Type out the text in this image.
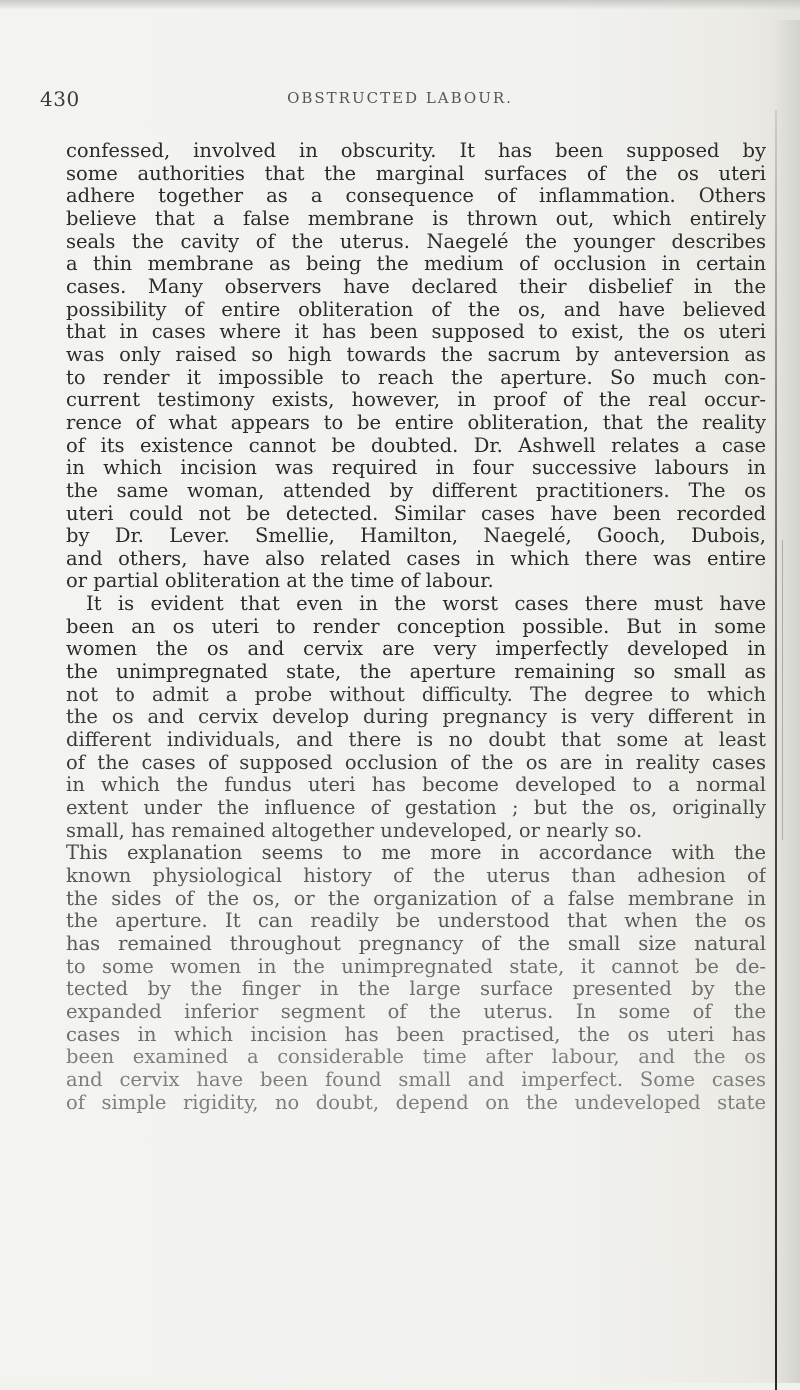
430	OBSTRUCTED LABOUR.
confessed, involved in obscurity. It has been supposed by
some authorities that the marginal surfaces of the os uteri
adhere together as a consequence of inflammation. Others
believe that a false membrane is thrown out, which entirely
seals the cavity of the uterus. Naegelé the younger describes
a thin membrane as being the medium of occlusion in certain
cases. Many observers have declared their disbelief in the
possibility of entire obliteration of the os, and have believed
that in cases where it has been supposed to exist, the os uteri
was only raised so high towards the sacrum by anteversion as
to render it impossible to reach the aperture. So much con-
current testimony exists, however, in proof of the real occur-
rence of what appears to be entire obliteration, that the reality
of its existence cannot be doubted. Dr. Ashwell relates a case
in which incision was required in four successive labours in
the same woman, attended by different practitioners. The os
uteri could not be detected. Similar cases have been recorded
by Dr. Lever. Smellie, Hamilton, Naegelé, Gooch, Dubois,
and others, have also related cases in which there was entire
or partial obliteration at the time of labour.
It is evident that even in the worst cases there must have
been an os uteri to render conception possible. But in some
women the os and cervix are very imperfectly developed in
the unimpregnated state, the aperture remaining so small as
not to admit a probe without difficulty. The degree to which
the os and cervix develop during pregnancy is very different in
different individuals, and there is no doubt that some at least
of the cases of supposed occlusion of the os are in reality cases
in which the fundus uteri has become developed to a normal
extent under the influence of gestation ; but the os, originally
small, has remained altogether undeveloped, or nearly so.
This explanation seems to me more in accordance with the
known physiological history of the uterus than adhesion of
the sides of the os, or the organization of a false membrane in
the aperture. It can readily be understood that when the os
has remained throughout pregnancy of the small size natural
to some women in the unimpregnated state, it cannot be de-
tected by the finger in the large surface presented by the
expanded inferior segment of the uterus. In some of the
cases in which incision has been practised, the os uteri has
been examined a considerable time after labour, and the os
and cervix have been found small and imperfect. Some cases
of simple rigidity, no doubt, depend on the undeveloped state
